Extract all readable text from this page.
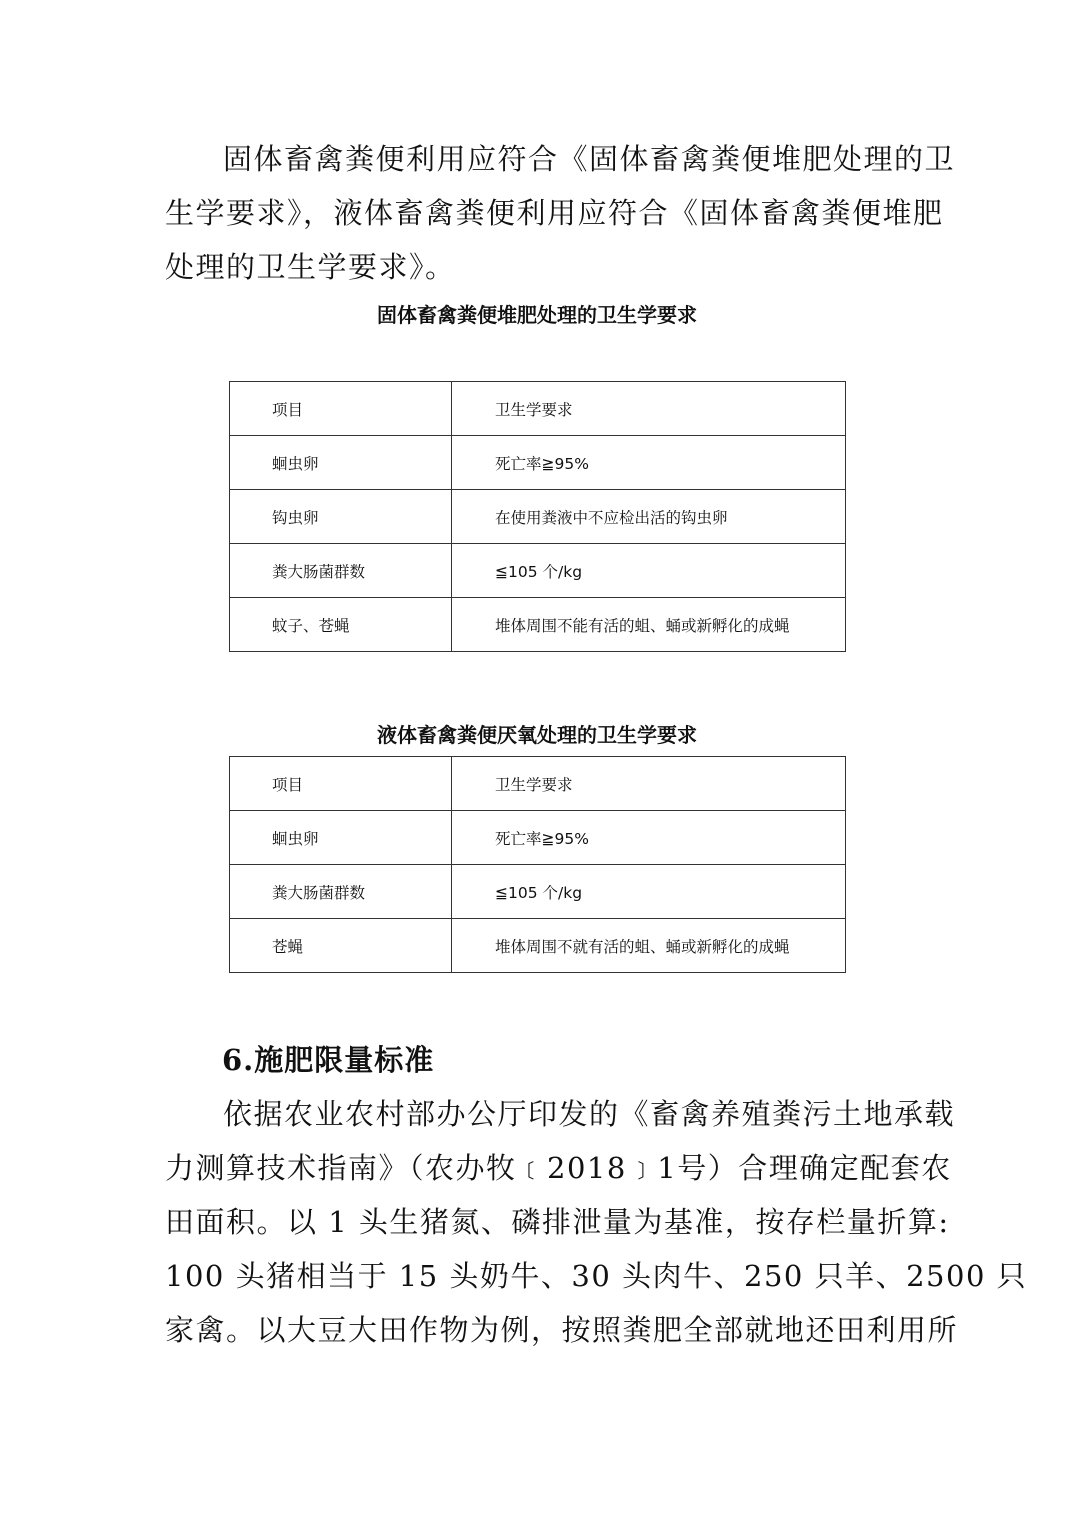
固体畜禽粪便利用应符合《固体畜禽粪便堆肥处理的卫
生学要求》，液体畜禽粪便利用应符合《固体畜禽粪便堆肥
处理的卫生学要求》。

固体畜禽粪便堆肥处理的卫生学要求

项目	卫生学要求
蛔虫卵	死亡率≧95%
钩虫卵	在使用粪液中不应检出活的钩虫卵
粪大肠菌群数	≦105 个/kg
蚊子、苍蝇	堆体周围不能有活的蛆、蛹或新孵化的成蝇

液体畜禽粪便厌氧处理的卫生学要求

项目	卫生学要求
蛔虫卵	死亡率≧95%
粪大肠菌群数	≦105 个/kg
苍蝇	堆体周围不就有活的蛆、蛹或新孵化的成蝇

6.施肥限量标准

依据农业农村部办公厅印发的《畜禽养殖粪污土地承载
力测算技术指南》（农办牧﹝2018﹞1号）合理确定配套农
田面积。以 1 头生猪氮、磷排泄量为基准，按存栏量折算:
100 头猪相当于 15 头奶牛、30 头肉牛、250 只羊、2500 只
家禽。以大豆大田作物为例，按照粪肥全部就地还田利用所
